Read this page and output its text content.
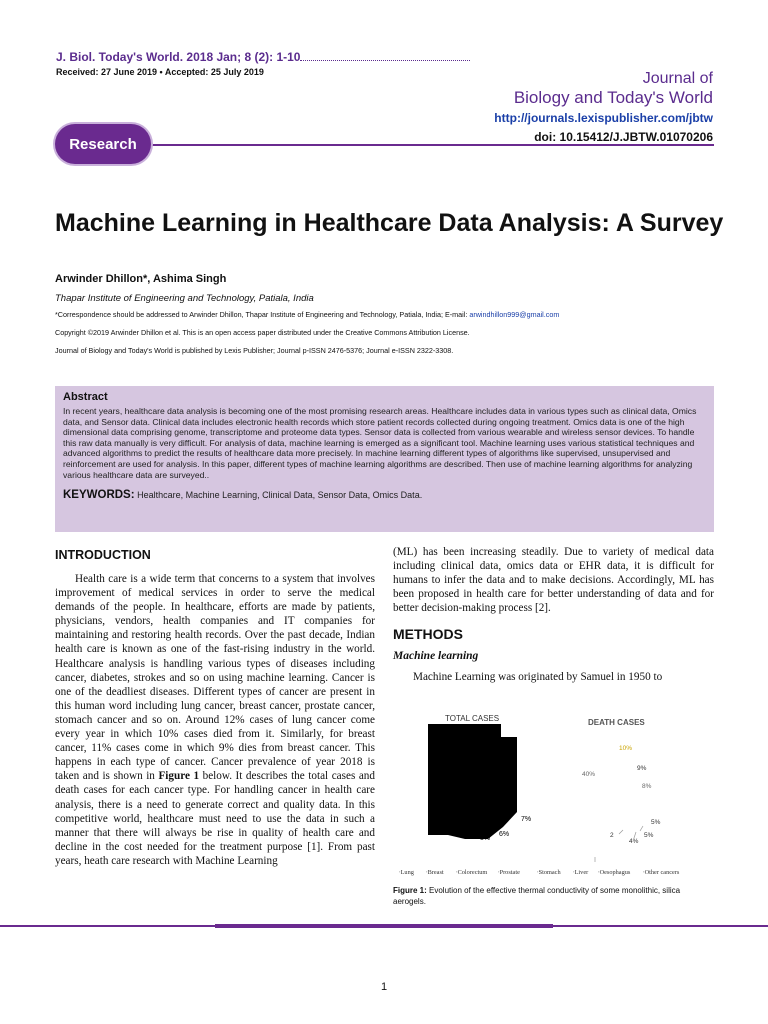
J. Biol. Today's World. 2018 Jan; 8 (2): 1-10
Received: 27 June 2019 • Accepted: 25 July 2019	Journal of
Biology and Today's World
http://journals.lexispublisher.com/jbtw
doi: 10.15412/J.JBTW.01070206
Research
Machine Learning in Healthcare Data Analysis: A Survey
Arwinder Dhillon*, Ashima Singh
Thapar Institute of Engineering and Technology, Patiala, India
*Correspondence should be addressed to Arwinder Dhillon, Thapar Institute of Engineering and Technology, Patiala, India; E-mail: arwindhillon999@gmail.com
Copyright ©2019 Arwinder Dhillon et al. This is an open access paper distributed under the Creative Commons Attribution License.
Journal of Biology and Today's World is published by Lexis Publisher; Journal p-ISSN 2476-5376; Journal e-ISSN 2322-3308.
Abstract
In recent years, healthcare data analysis is becoming one of the most promising research areas. Healthcare includes data in various types such as clinical data, Omics data, and Sensor data. Clinical data includes electronic health records which store patient records collected during ongoing treatment. Omics data is one of the high dimensional data comprising genome, transcriptome and proteome data types. Sensor data is collected from various wearable and wireless sensor devices. To handle this raw data manually is very difficult. For analysis of data, machine learning is emerged as a significant tool. Machine learning uses various statistical techniques and advanced algorithms to predict the results of healthcare data more precisely. In machine learning different types of algorithms like supervised, unsupervised and reinforcement are used for analysis. In this paper, different types of machine learning algorithms are described. Then use of machine learning algorithms for analyzing various healthcare data are surveyed..
KEYWORDS: Healthcare, Machine Learning, Clinical Data, Sensor Data, Omics Data.
INTRODUCTION
Health care is a wide term that concerns to a system that involves improvement of medical services in order to serve the medical demands of the people. In healthcare, efforts are made by patients, physicians, vendors, health companies and IT companies for maintaining and restoring health records. Over the past decade, Indian health care is known as one of the fast-rising industry in the world. Healthcare analysis is handling various types of diseases including cancer, diabetes, strokes and so on using machine learning. Cancer is one of the deadliest diseases. Different types of cancer are present in this human word including lung cancer, breast cancer, prostate cancer, stomach cancer and so on. Around 12% cases of lung cancer come every year in which 10% cases died from it. Similarly, for breast cancer, 11% cases come in which 9% dies from breast cancer. This happens in each type of cancer. Cancer prevalence of year 2018 is taken and is shown in Figure 1 below. It describes the total cases and death cases for each cancer type. For handling cancer in health care analysis, there is a need to generate correct and quality data. In this competitive world, healthcare must need to use the data in such a manner that there will always be rise in quality of health care and decline in the cost needed for the treatment purpose [1]. From past years, heath care research with Machine Learning
(ML) has been increasing steadily. Due to variety of medical data including clinical data, omics data or EHR data, it is difficult for humans to infer the data and to make decisions. Accordingly, ML has been proposed in health care for better understanding of data and for better decision-making process [2].
METHODS
Machine learning
Machine Learning was originated by Samuel in 1950 to
TOTAL CASES	DEATH CASES
7%
6%
5%
3%
10%
40%
9%
8%
5%
5%
4%
2
∙Lung ∙Breast ∙Colorectum ∙Prostate	∙Stomach ∙Liver ∙Oesophagus ∙Other cancers
Figure 1: Evolution of the effective thermal conductivity of some monolithic, silica aerogels.
1
